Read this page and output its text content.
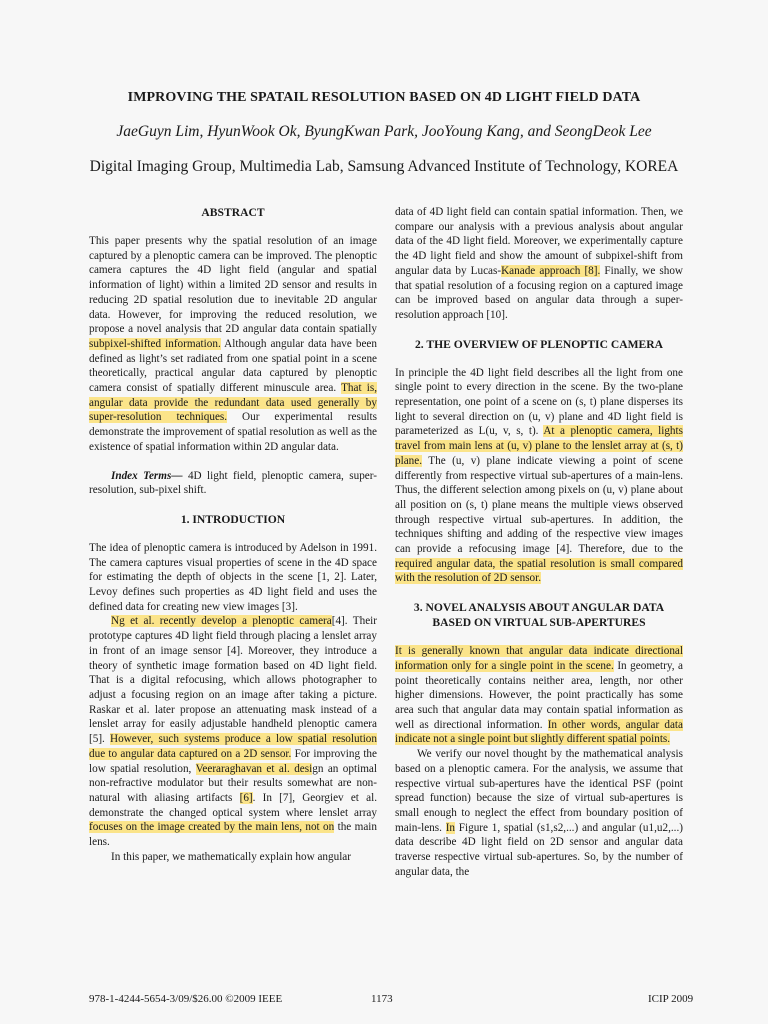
IMPROVING THE SPATAIL RESOLUTION BASED ON 4D LIGHT FIELD DATA
JaeGuyn Lim, HyunWook Ok, ByungKwan Park, JooYoung Kang, and SeongDeok Lee
Digital Imaging Group, Multimedia Lab, Samsung Advanced Institute of Technology, KOREA
ABSTRACT

This paper presents why the spatial resolution of an image captured by a plenoptic camera can be improved. The plenoptic camera captures the 4D light field (angular and spatial information of light) within a limited 2D sensor and results in reducing 2D spatial resolution due to inevitable 2D angular data. However, for improving the reduced resolution, we propose a novel analysis that 2D angular data contain spatially subpixel-shifted information. Although angular data have been defined as light’s set radiated from one spatial point in a scene theoretically, practical angular data captured by plenoptic camera consist of spatially different minuscule area. That is, angular data provide the redundant data used generally by super-resolution techniques. Our experimental results demonstrate the improvement of spatial resolution as well as the existence of spatial information within 2D angular data.

Index Terms— 4D light field, plenoptic camera, super-resolution, sub-pixel shift.

1. INTRODUCTION

The idea of plenoptic camera is introduced by Adelson in 1991. The camera captures visual properties of scene in the 4D space for estimating the depth of objects in the scene [1, 2]. Later, Levoy defines such properties as 4D light field and uses the defined data for creating new view images [3].

Ng et al. recently develop a plenoptic camera[4]. Their prototype captures 4D light field through placing a lenslet array in front of an image sensor [4]. Moreover, they introduce a theory of synthetic image formation based on 4D light field. That is a digital refocusing, which allows photographer to adjust a focusing region on an image after taking a picture. Raskar et al. later propose an attenuating mask instead of a lenslet array for easily adjustable handheld plenoptic camera [5]. However, such systems produce a low spatial resolution due to angular data captured on a 2D sensor. For improving the low spatial resolution, Veeraraghavan et al. design an optimal non-refractive modulator but their results somewhat are non-natural with aliasing artifacts [6]. In [7], Georgiev et al. demonstrate the changed optical system where lenslet array focuses on the image created by the main lens, not on the main lens.

In this paper, we mathematically explain how angular

data of 4D light field can contain spatial information. Then, we compare our analysis with a previous analysis about angular data of the 4D light field. Moreover, we experimentally capture the 4D light field and show the amount of subpixel-shift from angular data by Lucas-Kanade approach [8]. Finally, we show that spatial resolution of a focusing region on a captured image can be improved based on angular data through a super-resolution approach [10].

2. THE OVERVIEW OF PLENOPTIC CAMERA

In principle the 4D light field describes all the light from one single point to every direction in the scene. By the two-plane representation, one point of a scene on (s, t) plane disperses its light to several direction on (u, v) plane and 4D light field is parameterized as L(u, v, s, t). At a plenoptic camera, lights travel from main lens at (u, v) plane to the lenslet array at (s, t) plane. The (u, v) plane indicate viewing a point of scene differently from respective virtual sub-apertures of a main-lens. Thus, the different selection among pixels on (u, v) plane about all position on (s, t) plane means the multiple views observed through respective virtual sub-apertures. In addition, the techniques shifting and adding of the respective view images can provide a refocusing image [4]. Therefore, due to the required angular data, the spatial resolution is small compared with the resolution of 2D sensor.

3. NOVEL ANALYSIS ABOUT ANGULAR DATA
BASED ON VIRTUAL SUB-APERTURES

It is generally known that angular data indicate directional information only for a single point in the scene. In geometry, a point theoretically contains neither area, length, nor other higher dimensions. However, the point practically has some area such that angular data may contain spatial information as well as directional information. In other words, angular data indicate not a single point but slightly different spatial points.

We verify our novel thought by the mathematical analysis based on a plenoptic camera. For the analysis, we assume that respective virtual sub-apertures have the identical PSF (point spread function) because the size of virtual sub-apertures is small enough to neglect the effect from boundary position of main-lens. In Figure 1, spatial (s1,s2,...) and angular (u1,u2,...) data describe 4D light field on 2D sensor and angular data traverse respective virtual sub-apertures. So, by the number of angular data, the

978-1-4244-5654-3/09/$26.00 ©2009 IEEE	1173	ICIP 2009
